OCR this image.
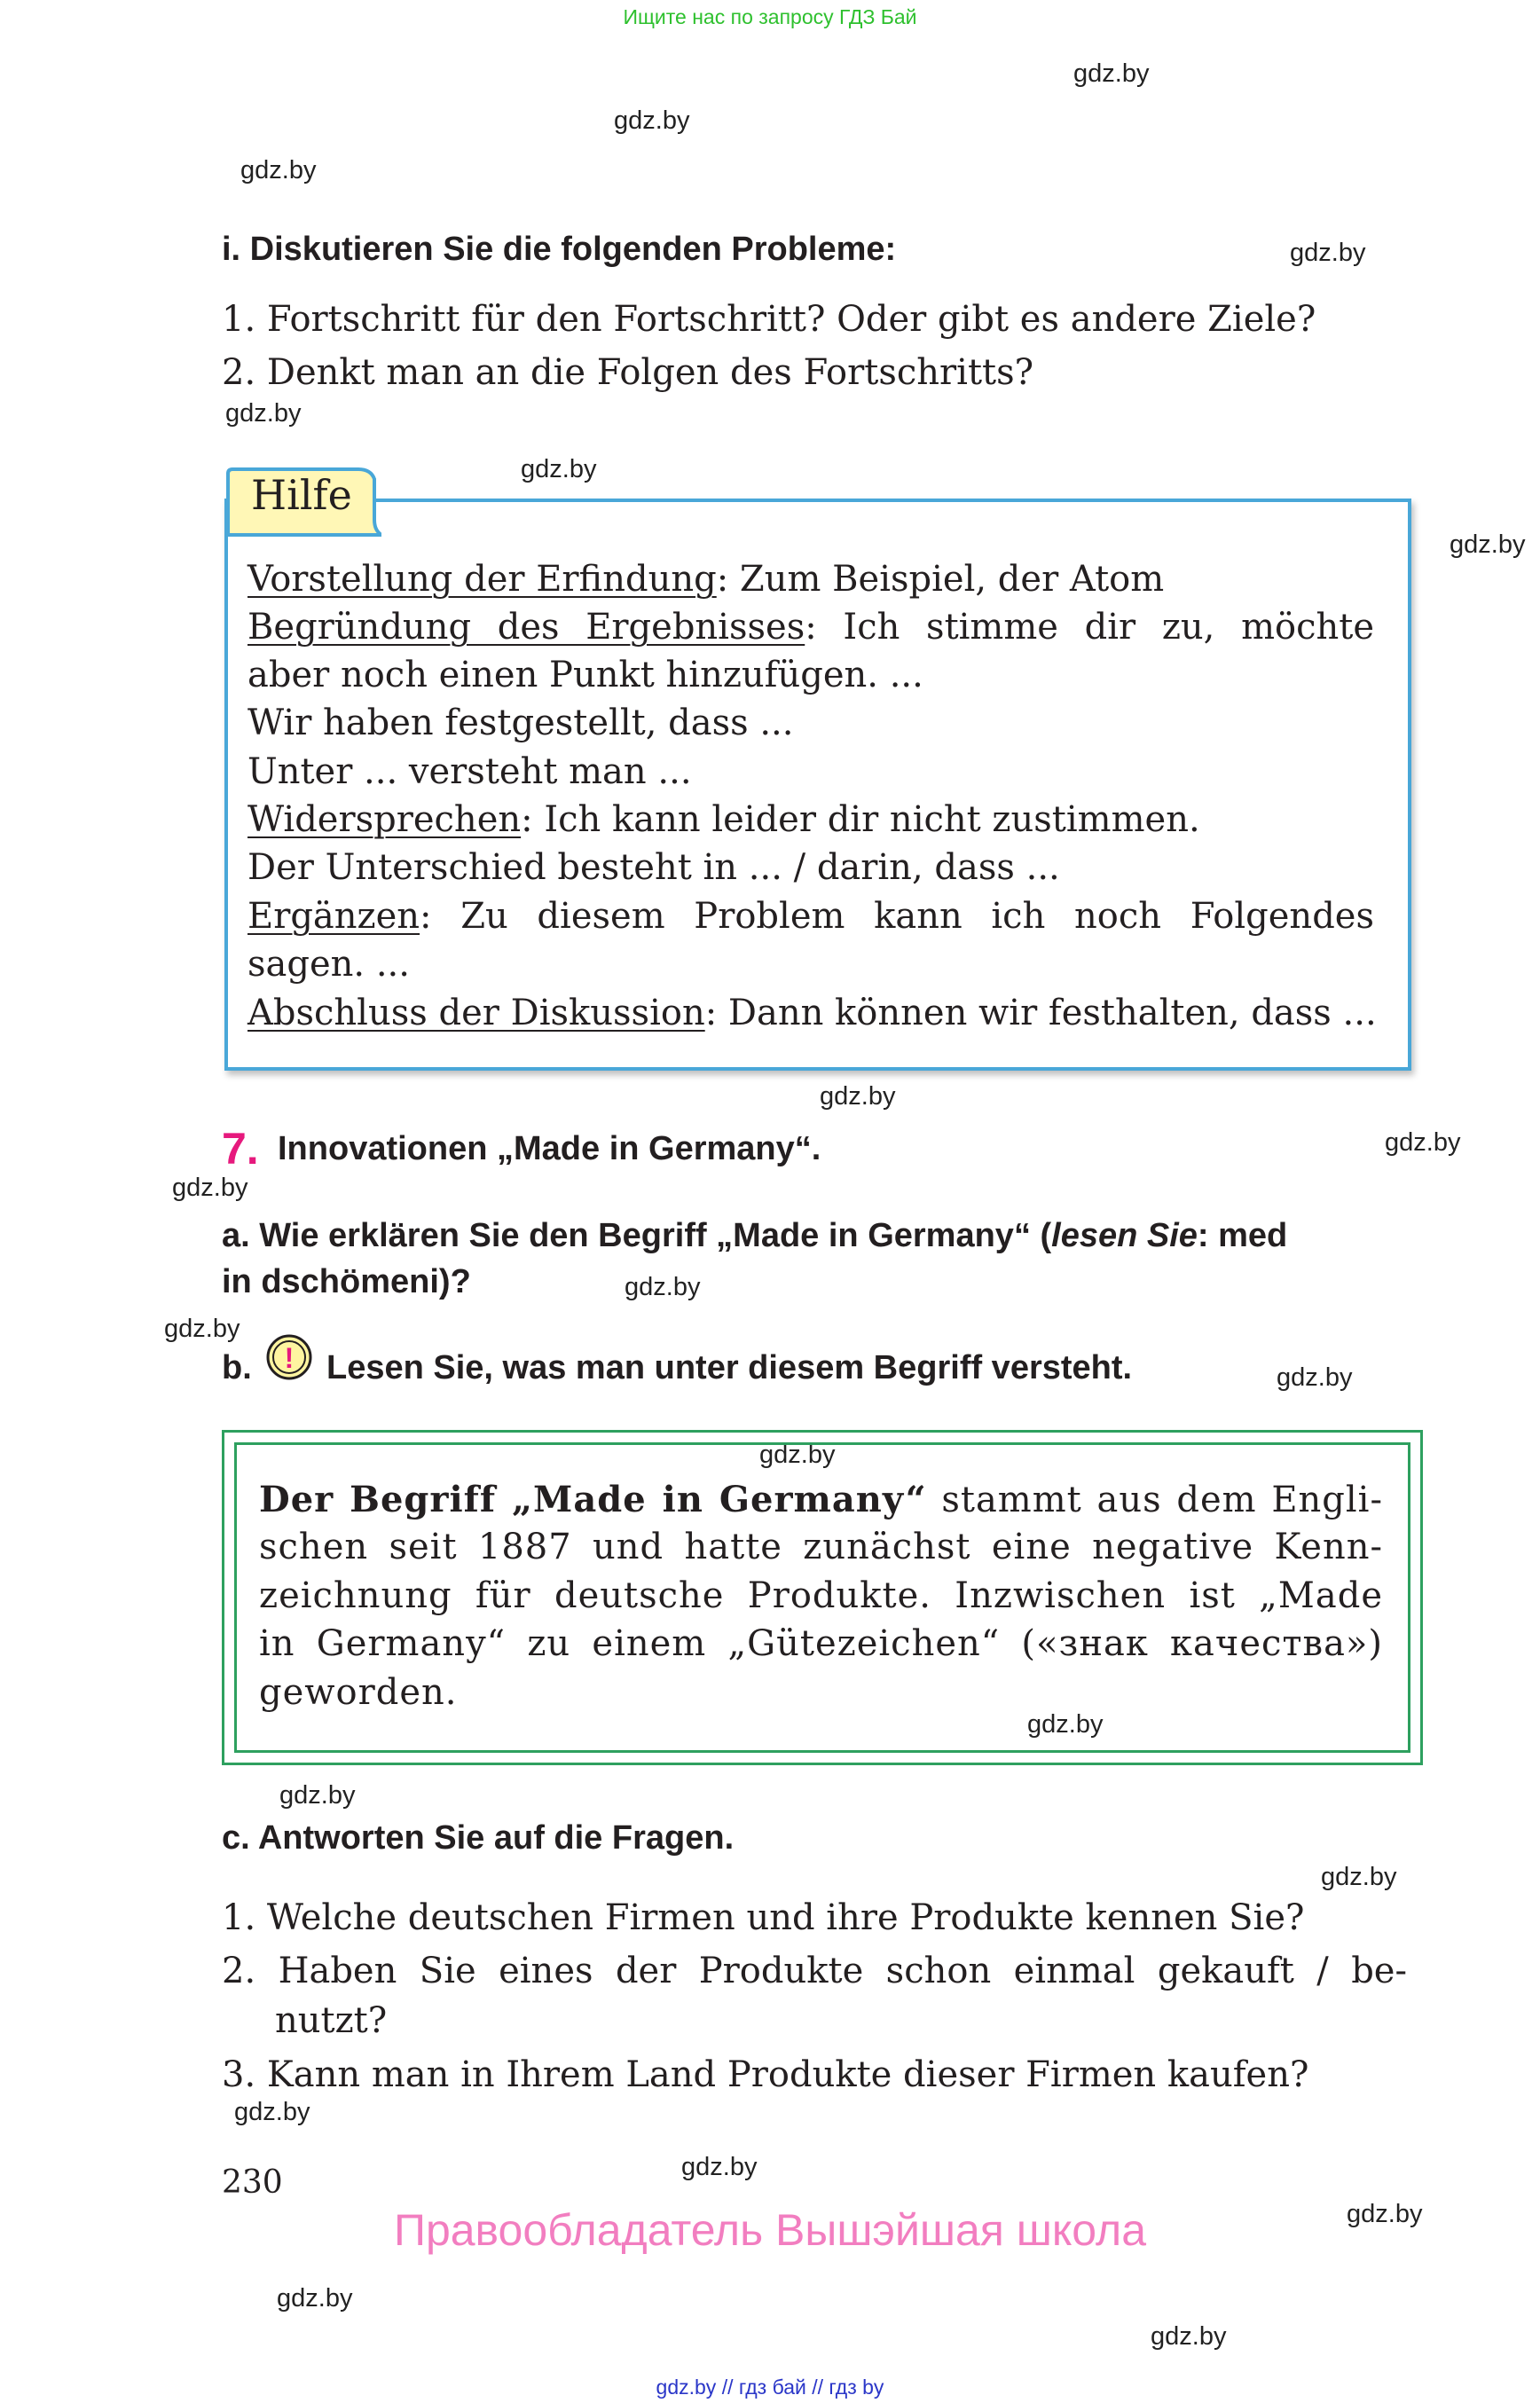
Ищите нас по запросу ГДЗ Бай
gdz.by
gdz.by
gdz.by
gdz.by
gdz.by
gdz.by
gdz.by
gdz.by
gdz.by
gdz.by
gdz.by
gdz.by
gdz.by
gdz.by
gdz.by
gdz.by
gdz.by
gdz.by
gdz.by
gdz.by
gdz.by
gdz.by
i. Diskutieren Sie die folgenden Probleme:
1. Fortschritt für den Fortschritt? Oder gibt es andere Ziele?
2. Denkt man an die Folgen des Fortschritts?
Hilfe
Vorstellung der Erfindung: Zum Beispiel, der Atom
Begründung des Ergebnisses: Ich stimme dir zu, möchte
aber noch einen Punkt hinzufügen. ...
Wir haben festgestellt, dass ...
Unter ... versteht man ...
Widersprechen: Ich kann leider dir nicht zustimmen.
Der Unterschied besteht in ... / darin, dass ...
Ergänzen: Zu diesem Problem kann ich noch Folgendes
sagen. ...
Abschluss der Diskussion: Dann können wir festhalten, dass ...
7. Innovationen „Made in Germany“.
a. Wie erklären Sie den Begriff „Made in Germany“ (lesen Sie: med
in dschömeni)?
b. ! Lesen Sie, was man unter diesem Begriff versteht.
Der Begriff „Made in Germany“ stammt aus dem Engli-
schen seit 1887 und hatte zunächst eine negative Kenn-
zeichnung für deutsche Produkte. Inzwischen ist „Made
in Germany“ zu einem „Gütezeichen“ («знак качества»)
geworden.
c. Antworten Sie auf die Fragen.
1. Welche deutschen Firmen und ihre Produkte kennen Sie?
2. Haben Sie eines der Produkte schon einmal gekauft / be-
nutzt?
3. Kann man in Ihrem Land Produkte dieser Firmen kaufen?
230
Правообладатель Вышэйшая школа
gdz.by // гдз бай // гдз by
